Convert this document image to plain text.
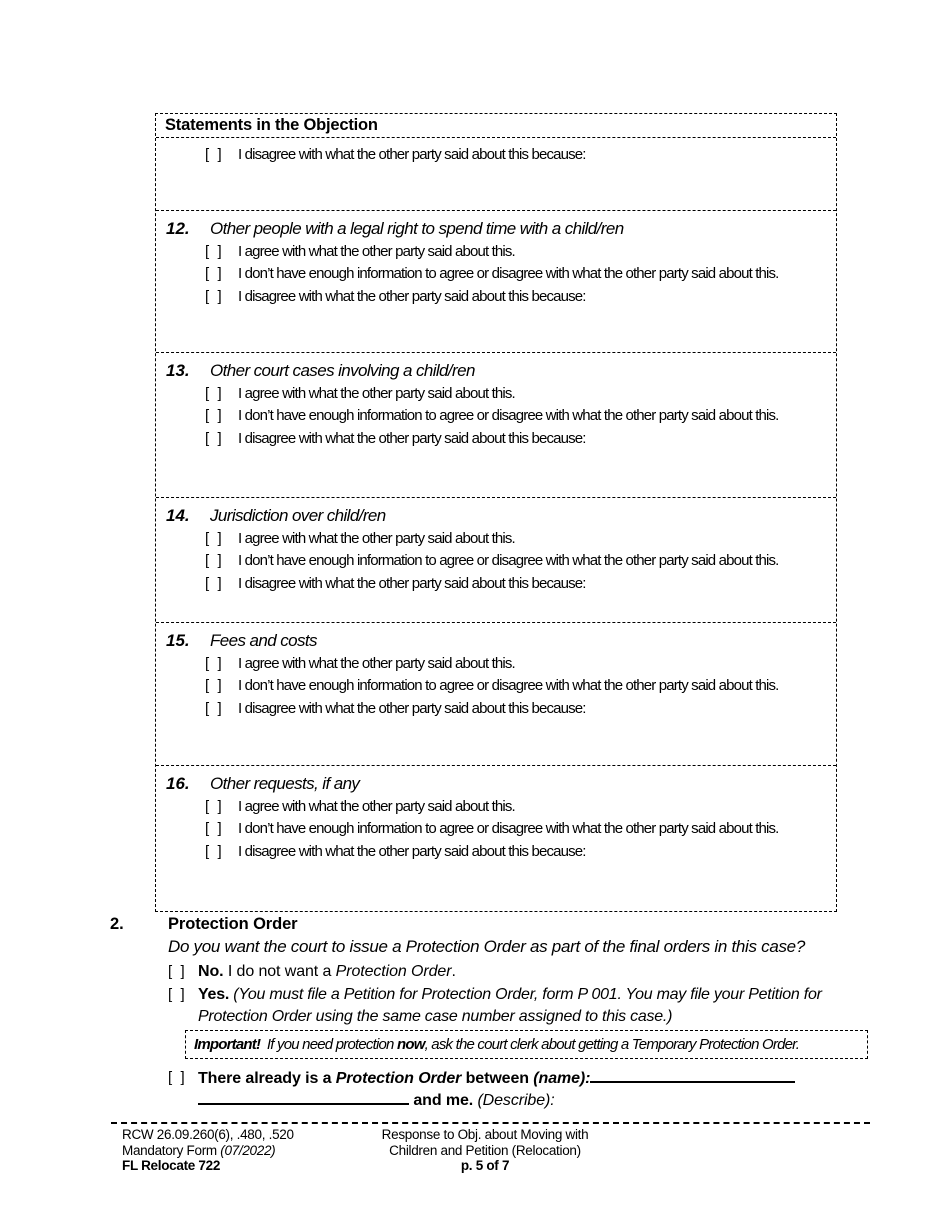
Statements in the Objection
[  ] I disagree with what the other party said about this because:
12. Other people with a legal right to spend time with a child/ren
[  ] I agree with what the other party said about this.
[  ] I don’t have enough information to agree or disagree with what the other party said about this.
[  ] I disagree with what the other party said about this because:
13. Other court cases involving a child/ren
[  ] I agree with what the other party said about this.
[  ] I don’t have enough information to agree or disagree with what the other party said about this.
[  ] I disagree with what the other party said about this because:
14. Jurisdiction over child/ren
[  ] I agree with what the other party said about this.
[  ] I don’t have enough information to agree or disagree with what the other party said about this.
[  ] I disagree with what the other party said about this because:
15. Fees and costs
[  ] I agree with what the other party said about this.
[  ] I don’t have enough information to agree or disagree with what the other party said about this.
[  ] I disagree with what the other party said about this because:
16. Other requests, if any
[  ] I agree with what the other party said about this.
[  ] I don’t have enough information to agree or disagree with what the other party said about this.
[  ] I disagree with what the other party said about this because:
2.	Protection Order
Do you want the court to issue a Protection Order as part of the final orders in this case?
[  ] No. I do not want a Protection Order.
[  ] Yes. (You must file a Petition for Protection Order, form P 001. You may file your Petition for Protection Order using the same case number assigned to this case.)
Important! If you need protection now, ask the court clerk about getting a Temporary Protection Order.
[  ] There already is a Protection Order between (name):
and me. (Describe):
RCW 26.09.260(6), .480, .520
Mandatory Form (07/2022)
FL Relocate 722
Response to Obj. about Moving with
Children and Petition (Relocation)
p. 5 of 7
